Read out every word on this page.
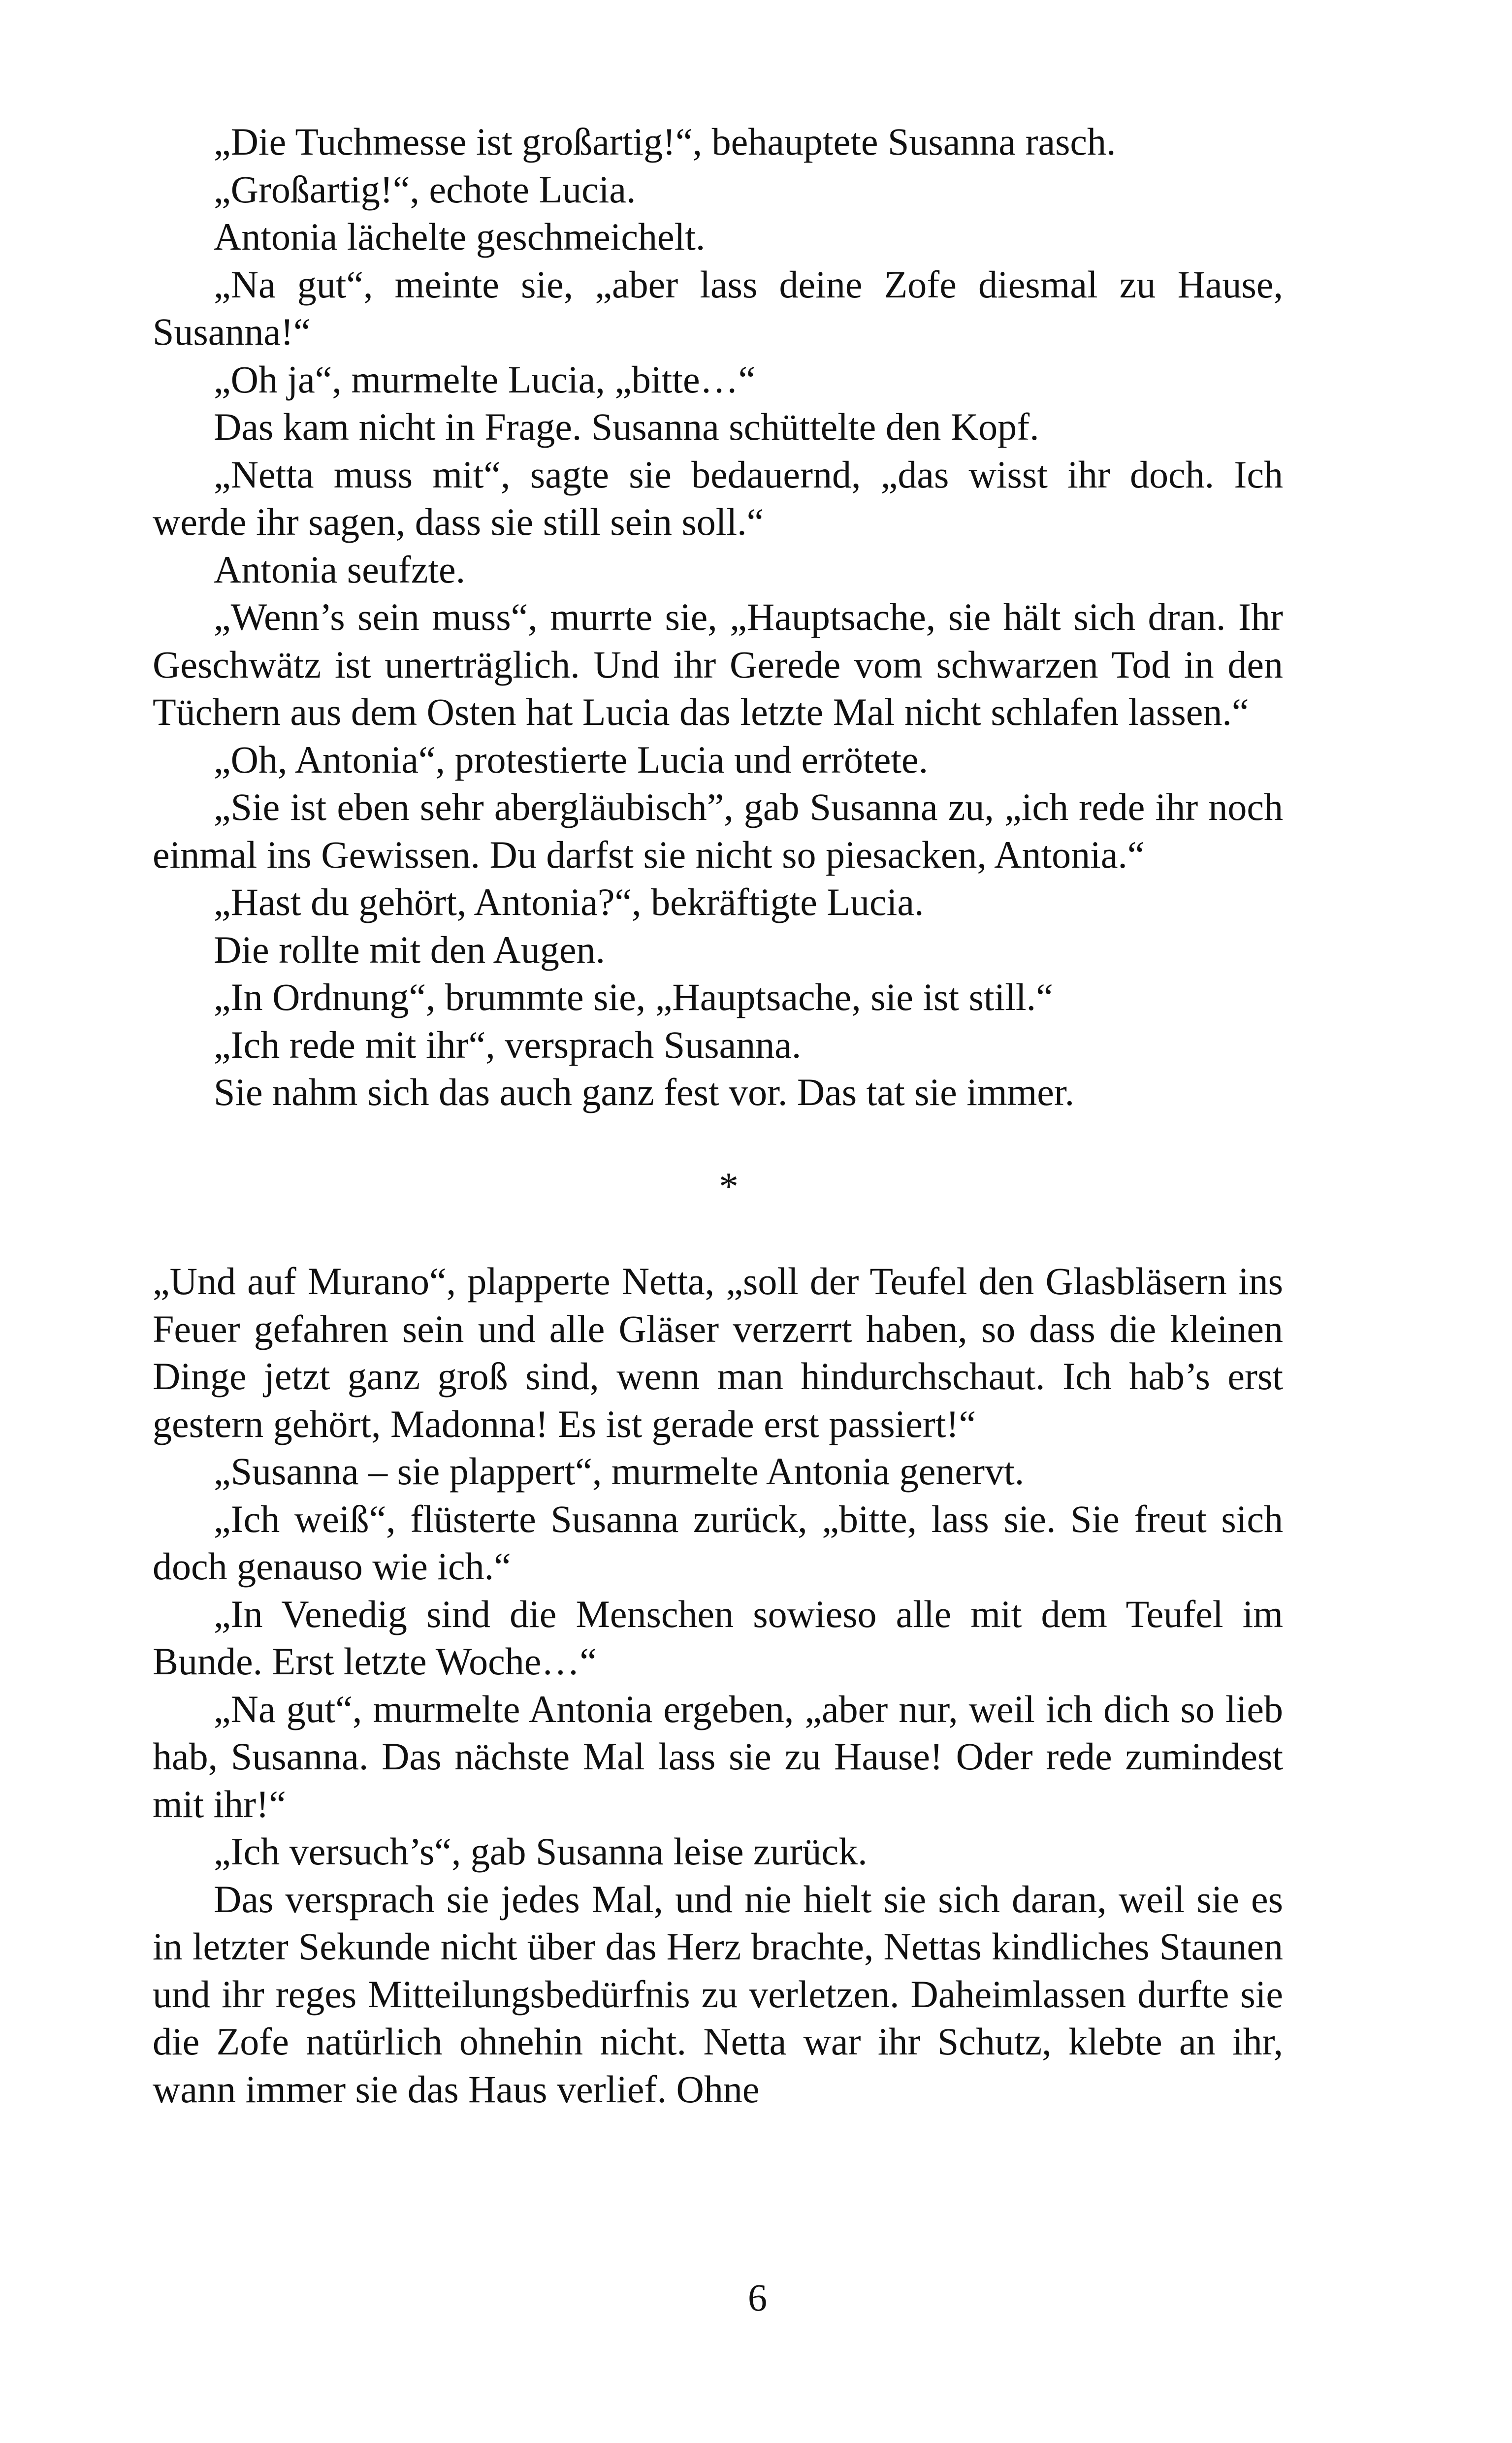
„Die Tuchmesse ist großartig!“, behauptete Susanna rasch.

„Großartig!“, echote Lucia.

Antonia lächelte geschmeichelt.

„Na gut“, meinte sie, „aber lass deine Zofe diesmal zu Hause, Susanna!“

„Oh ja“, murmelte Lucia, „bitte…“

Das kam nicht in Frage. Susanna schüttelte den Kopf.

„Netta muss mit“, sagte sie bedauernd, „das wisst ihr doch. Ich werde ihr sagen, dass sie still sein soll.“

Antonia seufzte.

„Wenn’s sein muss“, murrte sie, „Hauptsache, sie hält sich dran. Ihr Geschwätz ist unerträglich. Und ihr Gerede vom schwarzen Tod in den Tüchern aus dem Osten hat Lucia das letzte Mal nicht schlafen lassen.“

„Oh, Antonia“, protestierte Lucia und errötete.

„Sie ist eben sehr abergläubisch”, gab Susanna zu, „ich rede ihr noch einmal ins Gewissen. Du darfst sie nicht so piesacken, Antonia.“

„Hast du gehört, Antonia?“, bekräftigte Lucia.

Die rollte mit den Augen.

„In Ordnung“, brummte sie, „Hauptsache, sie ist still.“

„Ich rede mit ihr“, versprach Susanna.

Sie nahm sich das auch ganz fest vor. Das tat sie immer.

*

„Und auf Murano“, plapperte Netta, „soll der Teufel den Glasbläsern ins Feuer gefahren sein und alle Gläser verzerrt haben, so dass die kleinen Dinge jetzt ganz groß sind, wenn man hindurchschaut. Ich hab’s erst gestern gehört, Madonna! Es ist gerade erst passiert!“

„Susanna – sie plappert“, murmelte Antonia genervt.

„Ich weiß“, flüsterte Susanna zurück, „bitte, lass sie. Sie freut sich doch genauso wie ich.“

„In Venedig sind die Menschen sowieso alle mit dem Teufel im Bunde. Erst letzte Woche…“

„Na gut“, murmelte Antonia ergeben, „aber nur, weil ich dich so lieb hab, Susanna. Das nächste Mal lass sie zu Hause! Oder rede zumindest mit ihr!“

„Ich versuch’s“, gab Susanna leise zurück.

Das versprach sie jedes Mal, und nie hielt sie sich daran, weil sie es in letzter Sekunde nicht über das Herz brachte, Nettas kindliches Staunen und ihr reges Mitteilungsbedürfnis zu verletzen. Daheimlassen durfte sie die Zofe natürlich ohnehin nicht. Netta war ihr Schutz, klebte an ihr, wann immer sie das Haus verlief. Ohne

6
